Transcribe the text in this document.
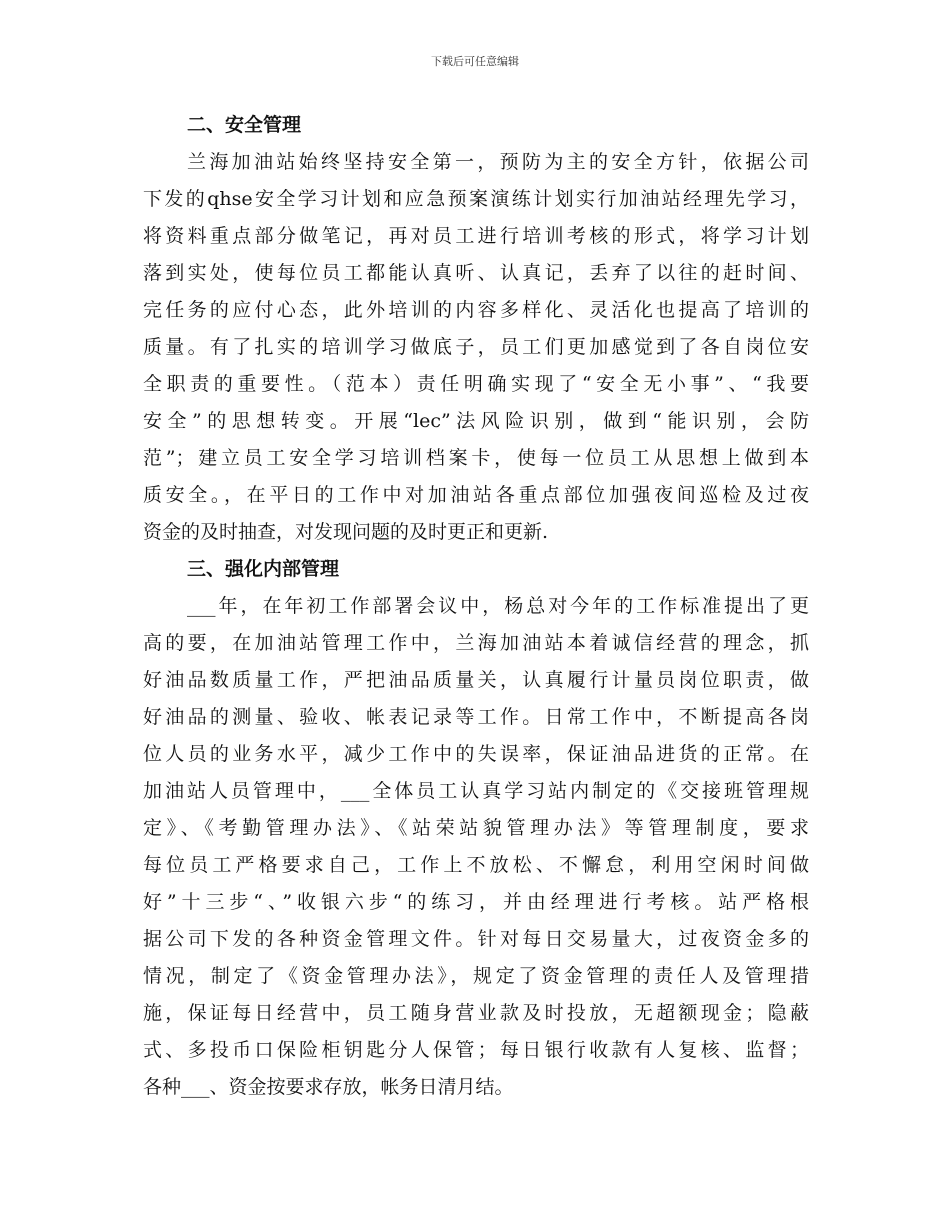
下载后可任意编辑
二、安全管理
兰海加油站始终坚持安全第一，预防为主的安全方针，依据公司
下发的qhse安全学习计划和应急预案演练计划实行加油站经理先学习，
将资料重点部分做笔记，再对员工进行培训考核的形式，将学习计划
落到实处，使每位员工都能认真听、认真记，丢弃了以往的赶时间、
完任务的应付心态，此外培训的内容多样化、灵活化也提高了培训的
质量。有了扎实的培训学习做底子，员工们更加感觉到了各自岗位安
全职责的重要性。（范本）责任明确实现了“安全无小事”、“我要
安全”的思想转变。开展“lec”法风险识别，做到“能识别，会防
范”；建立员工安全学习培训档案卡，使每一位员工从思想上做到本
质安全。，在平日的工作中对加油站各重点部位加强夜间巡检及过夜
资金的及时抽查，对发现问题的及时更正和更新.
三、强化内部管理
___年，在年初工作部署会议中，杨总对今年的工作标准提出了更
高的要，在加油站管理工作中，兰海加油站本着诚信经营的理念，抓
好油品数质量工作，严把油品质量关，认真履行计量员岗位职责，做
好油品的测量、验收、帐表记录等工作。日常工作中，不断提高各岗
位人员的业务水平，减少工作中的失误率，保证油品进货的正常。在
加油站人员管理中，___全体员工认真学习站内制定的《交接班管理规
定》、《考勤管理办法》、《站荣站貌管理办法》等管理制度，要求
每位员工严格要求自己，工作上不放松、不懈怠，利用空闲时间做
好”十三步“、”收银六步“的练习，并由经理进行考核。站严格根
据公司下发的各种资金管理文件。针对每日交易量大，过夜资金多的
情况，制定了《资金管理办法》，规定了资金管理的责任人及管理措
施，保证每日经营中，员工随身营业款及时投放，无超额现金；隐蔽
式、多投币口保险柜钥匙分人保管；每日银行收款有人复核、监督；
各种___、资金按要求存放，帐务日清月结。
